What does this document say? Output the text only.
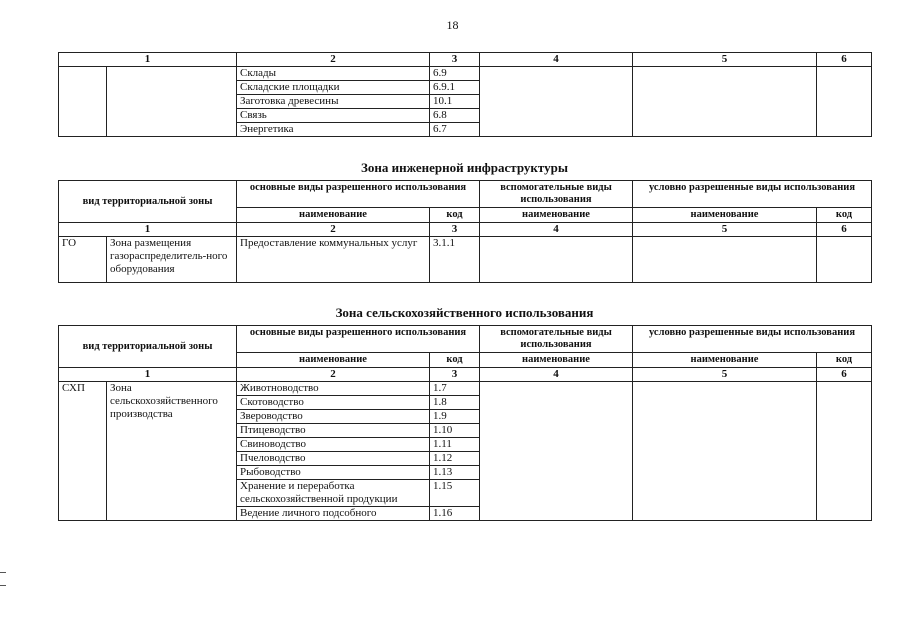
18
1		2	3	4	5	6
		Склады	6.9			
		Складские площадки	6.9.1			
		Заготовка древесины	10.1			
		Связь	6.8			
		Энергетика	6.7			
Зона инженерной инфраструктуры
вид территориальной зоны		основные виды разрешенного использования		вспомогательные виды использования	условно разрешенные виды использования	
		наименование	код	наименование	наименование	код
1		2	3	4	5	6
ГО	Зона размещения газораспределитель-ного оборудования	Предоставление коммунальных услуг	3.1.1			
Зона сельскохозяйственного использования
вид территориальной зоны		основные виды разрешенного использования		вспомогательные виды использования	условно разрешенные виды использования	
		наименование	код	наименование	наименование	код
1		2	3	4	5	6
СХП	Зона сельскохозяйственного производства	Животноводство	1.7			
		Скотоводство	1.8			
		Звероводство	1.9			
		Птицеводство	1.10			
		Свиноводство	1.11			
		Пчеловодство	1.12			
		Рыбоводство	1.13			
		Хранение и переработка сельскохозяйственной продукции	1.15			
		Ведение личного подсобного	1.16			
